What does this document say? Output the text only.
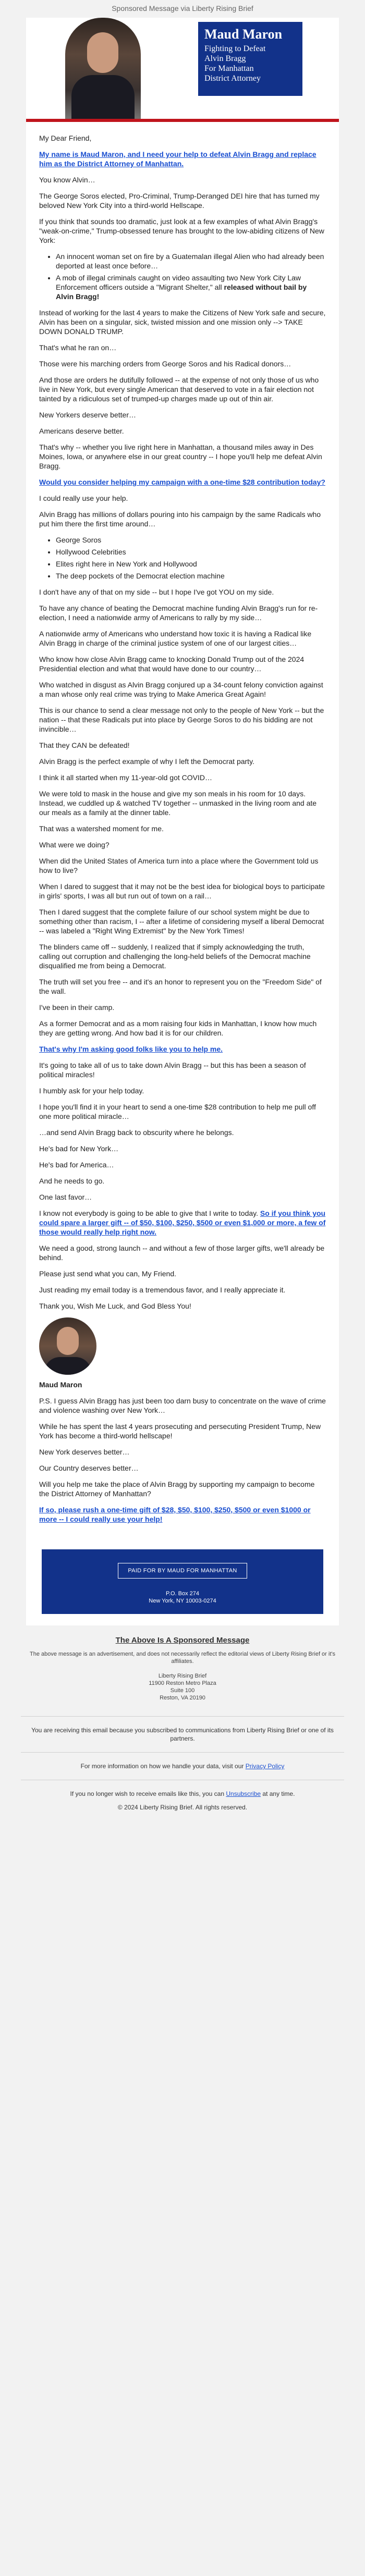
Sponsored Message via Liberty Rising Brief
Maud Maron
Fighting to Defeat
Alvin Bragg
For Manhattan
District Attorney

My Dear Friend,

My name is Maud Maron, and I need your help to defeat Alvin Bragg and replace him as the District Attorney of Manhattan.

You know Alvin…

The George Soros elected, Pro-Criminal, Trump-Deranged DEI hire that has turned my beloved New York City into a third-world Hellscape.

If you think that sounds too dramatic, just look at a few examples of what Alvin Bragg's "weak-on-crime," Trump-obsessed tenure has brought to the low-abiding citizens of New York:

• An innocent woman set on fire by a Guatemalan illegal Alien who had already been deported at least once before…
• A mob of illegal criminals caught on video assaulting two New York City Law Enforcement officers outside a "Migrant Shelter," all released without bail by Alvin Bragg!

Instead of working for the last 4 years to make the Citizens of New York safe and secure, Alvin has been on a singular, sick, twisted mission and one mission only --> TAKE DOWN DONALD TRUMP.

That's what he ran on…

Those were his marching orders from George Soros and his Radical donors…

And those are orders he dutifully followed -- at the expense of not only those of us who live in New York, but every single American that deserved to vote in a fair election not tainted by a ridiculous set of trumped-up charges made up out of thin air.

New Yorkers deserve better…

Americans deserve better.

That's why -- whether you live right here in Manhattan, a thousand miles away in Des Moines, Iowa, or anywhere else in our great country -- I hope you'll help me defeat Alvin Bragg.

Would you consider helping my campaign with a one-time $28 contribution today?

I could really use your help.

Alvin Bragg has millions of dollars pouring into his campaign by the same Radicals who put him there the first time around…

• George Soros
• Hollywood Celebrities
• Elites right here in New York and Hollywood
• The deep pockets of the Democrat election machine

I don't have any of that on my side -- but I hope I've got YOU on my side.

To have any chance of beating the Democrat machine funding Alvin Bragg's run for re-election, I need a nationwide army of Americans to rally by my side…

A nationwide army of Americans who understand how toxic it is having a Radical like Alvin Bragg in charge of the criminal justice system of one of our largest cities…

Who know how close Alvin Bragg came to knocking Donald Trump out of the 2024 Presidential election and what that would have done to our country…

Who watched in disgust as Alvin Bragg conjured up a 34-count felony conviction against a man whose only real crime was trying to Make America Great Again!

This is our chance to send a clear message not only to the people of New York -- but the nation -- that these Radicals put into place by George Soros to do his bidding are not invincible…

That they CAN be defeated!

Alvin Bragg is the perfect example of why I left the Democrat party.

I think it all started when my 11-year-old got COVID…

We were told to mask in the house and give my son meals in his room for 10 days. Instead, we cuddled up & watched TV together -- unmasked in the living room and ate our meals as a family at the dinner table.

That was a watershed moment for me.

What were we doing?

When did the United States of America turn into a place where the Government told us how to live?

When I dared to suggest that it may not be the best idea for biological boys to participate in girls' sports, I was all but run out of town on a rail…

Then I dared suggest that the complete failure of our school system might be due to something other than racism, I -- after a lifetime of considering myself a liberal Democrat -- was labeled a "Right Wing Extremist" by the New York Times!

The blinders came off -- suddenly, I realized that if simply acknowledging the truth, calling out corruption and challenging the long-held beliefs of the Democrat machine disqualified me from being a Democrat.

The truth will set you free -- and it's an honor to represent you on the "Freedom Side" of the wall.

I've been in their camp.

As a former Democrat and as a mom raising four kids in Manhattan, I know how much they are getting wrong. And how bad it is for our children.

That's why I'm asking good folks like you to help me.

It's going to take all of us to take down Alvin Bragg -- but this has been a season of political miracles!

I humbly ask for your help today.

I hope you'll find it in your heart to send a one-time $28 contribution to help me pull off one more political miracle…

…and send Alvin Bragg back to obscurity where he belongs.

He's bad for New York…

He's bad for America…

And he needs to go.

One last favor…

I know not everybody is going to be able to give that I write to today. So if you think you could spare a larger gift -- of $50, $100, $250, $500 or even $1,000 or more, a few of those would really help right now.

We need a good, strong launch -- and without a few of those larger gifts, we'll already be behind.

Please just send what you can, My Friend.

Just reading my email today is a tremendous favor, and I really appreciate it.

Thank you, Wish Me Luck, and God Bless You!

Maud Maron

P.S. I guess Alvin Bragg has just been too darn busy to concentrate on the wave of crime and violence washing over New York…

While he has spent the last 4 years prosecuting and persecuting President Trump, New York has become a third-world hellscape!

New York deserves better…

Our Country deserves better…

Will you help me take the place of Alvin Bragg by supporting my campaign to become the District Attorney of Manhattan?

If so, please rush a one-time gift of $28, $50, $100, $250, $500 or even $1000 or more -- I could really use your help!

PAID FOR BY MAUD FOR MANHATTAN
P.O. Box 274
New York, NY 10003-0274
The Above Is A Sponsored Message

The above message is an advertisement, and does not necessarily reflect the editorial views of Liberty Rising Brief or it's affiliates.

Liberty Rising Brief
11900 Reston Metro Plaza
Suite 100
Reston, VA 20190

You are receiving this email because you subscribed to communications from Liberty Rising Brief or one of its partners.

For more information on how we handle your data, visit our Privacy Policy

If you no longer wish to receive emails like this, you can Unsubscribe at any time.

© 2024 Liberty Rising Brief. All rights reserved.
